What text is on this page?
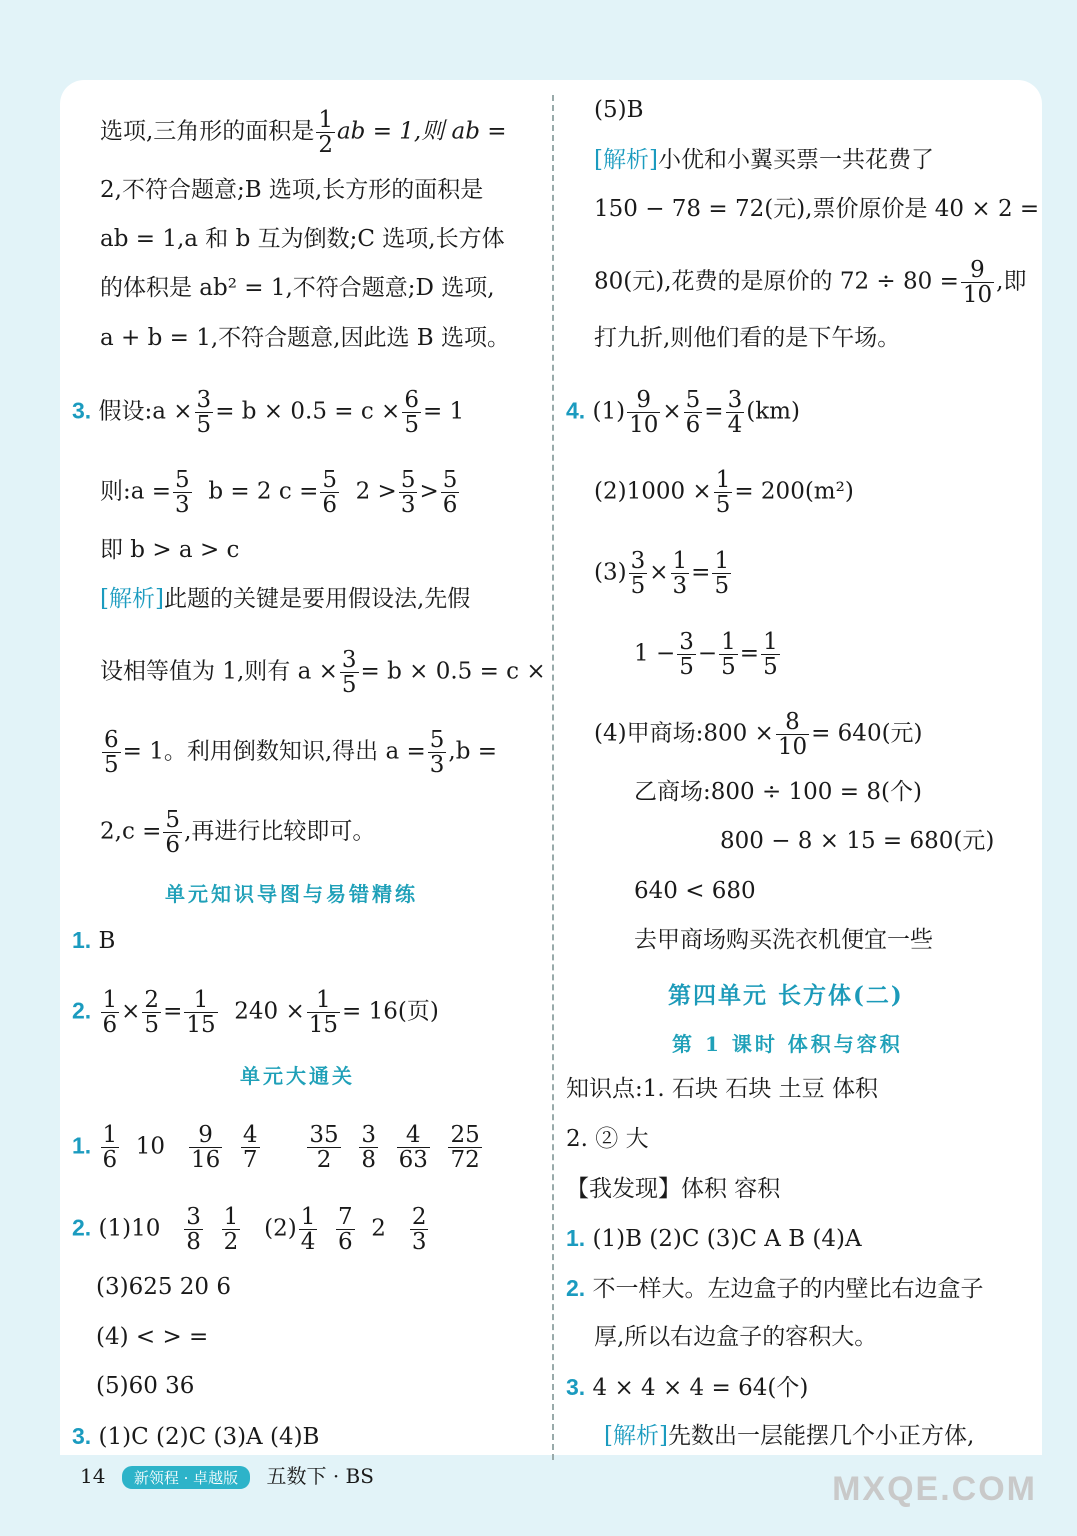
选项,三角形的面积是 $\frac{1}{2}$ ab = 1,则 ab =
2,不符合题意;B 选项,长方形的面积是
ab = 1,a 和 b 互为倒数;C 选项,长方体
的体积是 ab² = 1,不符合题意;D 选项,
a + b = 1,不符合题意,因此选 B 选项。
3. 假设:a × $\frac{3}{5} = b \times 0.5 = c \times \frac{6}{5} = 1$
则:a = $\frac{5}{3}$ b = 2 $c = \frac{5}{6} 2 > \frac{5}{3} > \frac{5}{6}$
即 b > a > c
[解析]此题的关键是要用假设法,先假
设相等值为 1,则有 $a \times \frac{3}{5} = b \times 0.5 = c$ ×
$\frac{6}{5} = 1$。利用倒数知识,得出 $a = \frac{5}{3} ,b$ =
$2,c = \frac{5}{6}$ ,再进行比较即可。
单元知识导图与易错精练
1. B
2. $\frac{1}{6} \times \frac{2}{5} = \frac{1}{15} 240 \times \frac{1}{15} = 16$(页)
单元大通关
1. $\frac{1}{6} 10 \frac{9}{16}$
$\frac{4}{7}$
$\frac{35}{2}$
$\frac{3}{8}$
$\frac{4}{63}$
$\frac{25}{72}$
2. $(1)10 \frac{3}{8}$
$\frac{1}{2} (2) \frac{1}{4}$
$\frac{7}{6} 2 \frac{2}{3}$
(3)625 20 6
(4) < > =
(5)60 36
3. (1)C (2)C (3)A (4)B
(5)B
[解析]小优和小翼买票一共花费了
150 − 78 = 72(元),票价原价是 40 × 2 =
80(元),花费的是原价的 $72 \div 80 = \frac{9}{10}$ ,即
打九折,则他们看的是下午场。
4. $(1) \frac{9}{10} \times \frac{5}{6} = \frac{3}{4} (km)$
$(2)1000 \times \frac{1}{5} = 200(m^2)$
$(3) \frac{3}{5} \times \frac{1}{3} = \frac{1}{5}$
$1 - \frac{3}{5} - \frac{1}{5} = \frac{1}{5}$
(4)甲商场:800 × $\frac{8}{10} = 640$(元)
乙商场:800 ÷ 100 = 8(个)
800 − 8 × 15 = 680(元)
640 < 680
去甲商场购买洗衣机便宜一些
第四单元 长方体(二)
第 1 课时 体积与容积
知识点:1. 石块 石块 土豆 体积
2. ② 大
【我发现】体积 容积
1. (1)B (2)C (3)C A B (4)A
2. 不一样大。左边盒子的内壁比右边盒子
厚,所以右边盒子的容积大。
3. 4 × 4 × 4 = 64(个)
[解析]先数出一层能摆几个小正方体,
14 新领程 · 卓越版 五数下 · BS	MXQE.COM
